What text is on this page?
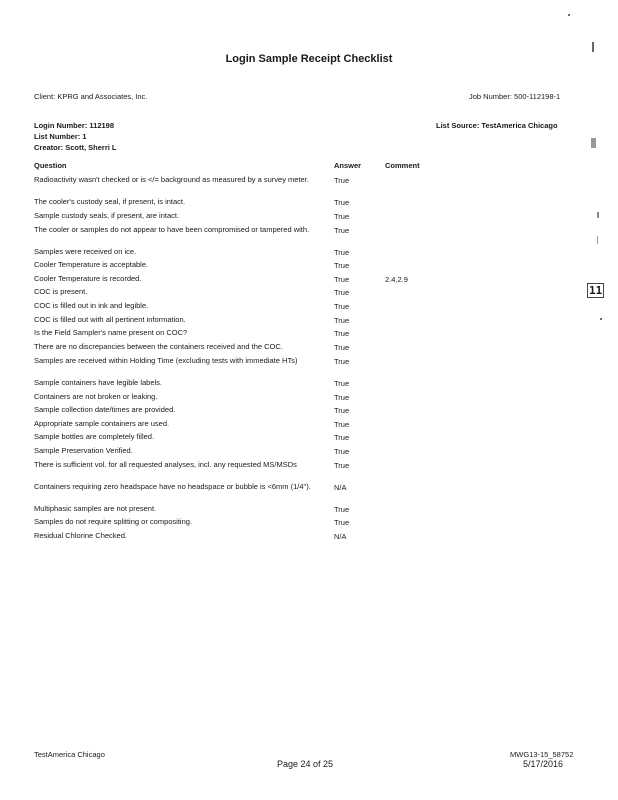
Login Sample Receipt Checklist
Client: KPRG and Associates, Inc.	Job Number: 500-112198-1
Login Number: 112198	List Source: TestAmerica Chicago
List Number: 1
Creator: Scott, Sherri L
Question	Answer	Comment
Radioactivity wasn't checked or is </= background as measured by a survey meter.	True
The cooler's custody seal, if present, is intact.	True
Sample custody seals, if present, are intact.	True
The cooler or samples do not appear to have been compromised or tampered with.	True
Samples were received on ice.	True
Cooler Temperature is acceptable.	True
Cooler Temperature is recorded.	True	2.4,2.9
COC is present.	True
COC is filled out in ink and legible.	True
COC is filled out with all pertinent information.	True
Is the Field Sampler's name present on COC?	True
There are no discrepancies between the containers received and the COC.	True
Samples are received within Holding Time (excluding tests with immediate HTs)	True
Sample containers have legible labels.	True
Containers are not broken or leaking.	True
Sample collection date/times are provided.	True
Appropriate sample containers are used.	True
Sample bottles are completely filled.	True
Sample Preservation Verified.	True
There is sufficient vol. for all requested analyses, incl. any requested MS/MSDs	True
Containers requiring zero headspace have no headspace or bubble is <6mm (1/4").	N/A
Multiphasic samples are not present.	True
Samples do not require splitting or compositing.	True
Residual Chlorine Checked.	N/A
TestAmerica Chicago
Page 24 of 25
MWG13-15_58752
5/17/2016
11
